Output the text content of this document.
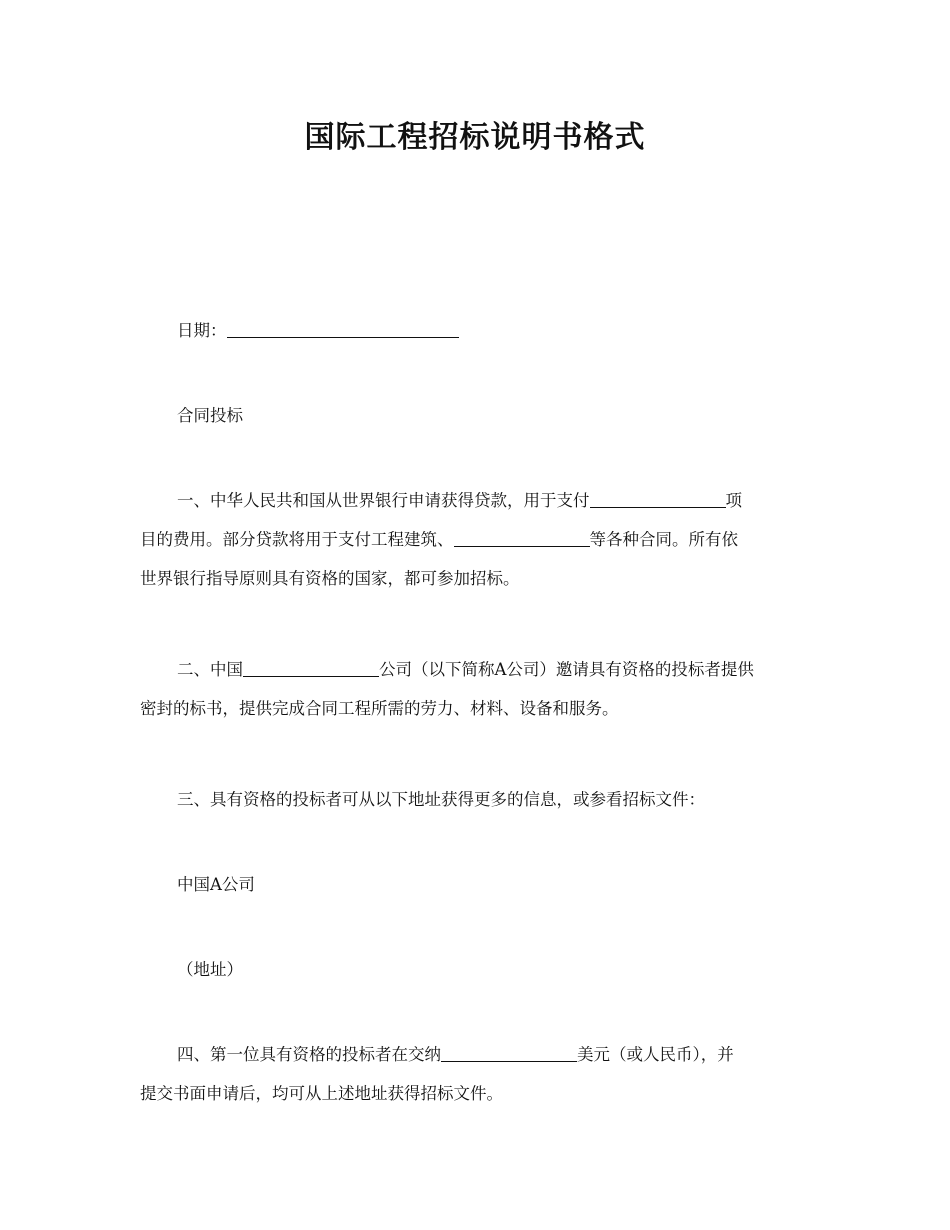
国际工程招标说明书格式
日期：
合同投标
一、中华人民共和国从世界银行申请获得贷款，用于支付	项
目的费用。部分贷款将用于支付工程建筑、	等各种合同。所有依
世界银行指导原则具有资格的国家，都可参加招标。
二、中国	公司（以下简称A公司）邀请具有资格的投标者提供
密封的标书，提供完成合同工程所需的劳力、材料、设备和服务。
三、具有资格的投标者可从以下地址获得更多的信息，或参看招标文件：
中国A公司
（地址）
四、第一位具有资格的投标者在交纳	美元（或人民币），并
提交书面申请后，均可从上述地址获得招标文件。
